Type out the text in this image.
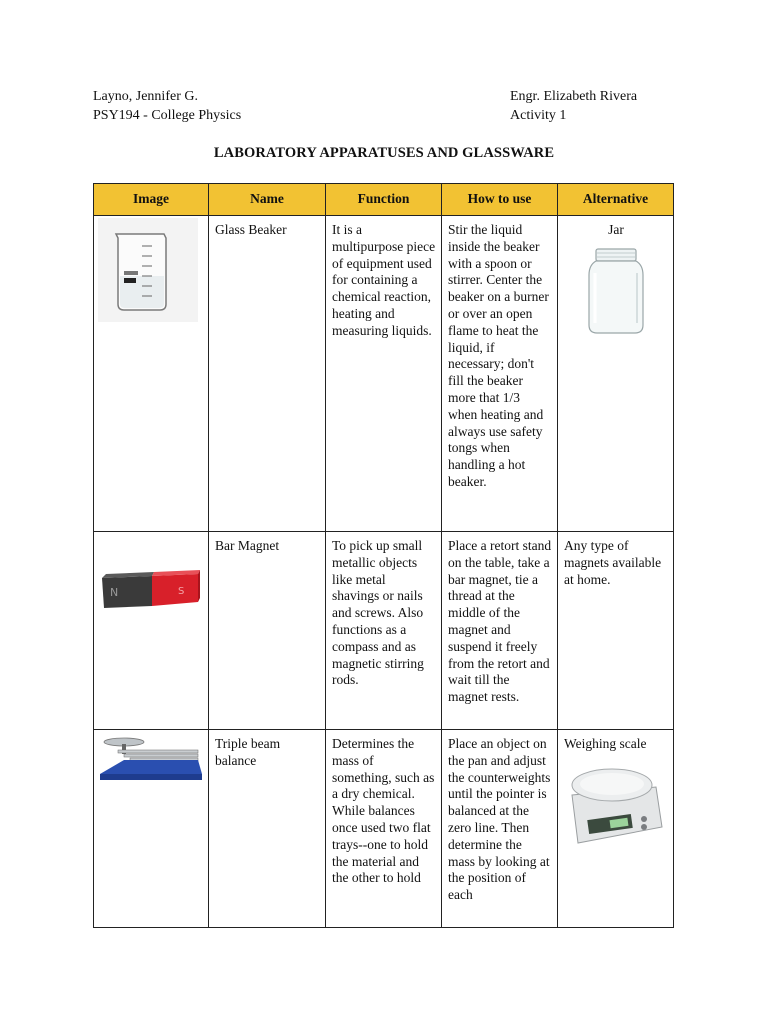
Layno, Jennifer G.
PSY194 - College Physics
Engr. Elizabeth Rivera
Activity 1
LABORATORY APPARATUSES AND GLASSWARE
Image	Name	Function	How to use	Alternative

	Glass Beaker	It is a multipurpose piece of equipment used for containing a chemical reaction, heating and measuring liquids.	Stir the liquid inside the beaker with a spoon or stirrer. Center the beaker on a burner or over an open flame to heat the liquid, if necessary; don't fill the beaker more that 1/3 when heating and always use safety tongs when handling a hot beaker.	Jar

N S	Bar Magnet	To pick up small metallic objects like metal shavings or nails and screws. Also functions as a compass and as magnetic stirring rods.	Place a retort stand on the table, take a bar magnet, tie a thread at the middle of the magnet and suspend it freely from the retort and wait till the magnet rests.	Any type of magnets available at home.

	Triple beam balance	Determines the mass of something, such as a dry chemical. While balances once used two flat trays--one to hold the material and the other to hold	Place an object on the pan and adjust the counterweights until the pointer is balanced at the zero line. Then determine the mass by looking at the position of each	Weighing scale
